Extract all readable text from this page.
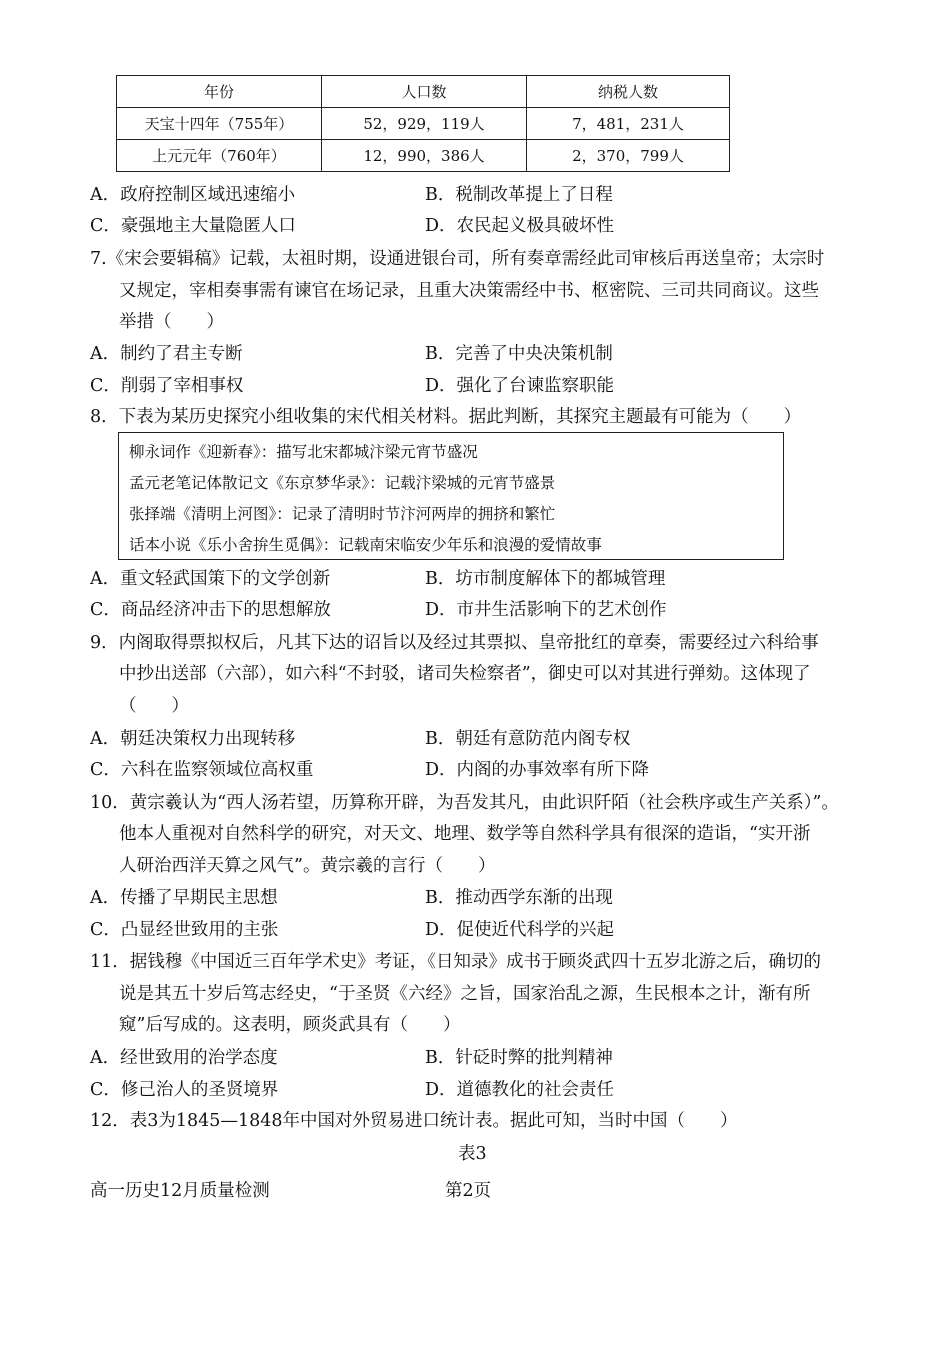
年份	人口数	纳税人数
天宝十四年（755年）	52，929，119人	7，481，231人
上元元年（760年）	12，990，386人	2，370，799人
A．政府控制区域迅速缩小	B．税制改革提上了日程
C．豪强地主大量隐匿人口	D．农民起义极具破坏性
7.《宋会要辑稿》记载，太祖时期，设通进银台司，所有奏章需经此司审核后再送皇帝；太宗时
又规定，宰相奏事需有谏官在场记录，且重大决策需经中书、枢密院、三司共同商议。这些
举措（　　）
A．制约了君主专断	B．完善了中央决策机制
C．削弱了宰相事权	D．强化了台谏监察职能
8．下表为某历史探究小组收集的宋代相关材料。据此判断，其探究主题最有可能为（　　）
柳永词作《迎新春》：描写北宋都城汴梁元宵节盛况
孟元老笔记体散记文《东京梦华录》：记载汴梁城的元宵节盛景
张择端《清明上河图》：记录了清明时节汴河两岸的拥挤和繁忙
话本小说《乐小舍拚生觅偶》：记载南宋临安少年乐和浪漫的爱情故事
A．重文轻武国策下的文学创新	B．坊市制度解体下的都城管理
C．商品经济冲击下的思想解放	D．市井生活影响下的艺术创作
9．内阁取得票拟权后，凡其下达的诏旨以及经过其票拟、皇帝批红的章奏，需要经过六科给事
中抄出送部（六部），如六科“不封驳，诸司失检察者”，御史可以对其进行弹劾。这体现了
（　　）
A．朝廷决策权力出现转移	B．朝廷有意防范内阁专权
C．六科在监察领域位高权重	D．内阁的办事效率有所下降
10．黄宗羲认为“西人汤若望，历算称开辟，为吾发其凡，由此识阡陌（社会秩序或生产关系）”。
他本人重视对自然科学的研究，对天文、地理、数学等自然科学具有很深的造诣，“实开浙
人研治西洋天算之风气”。黄宗羲的言行（　　）
A．传播了早期民主思想	B．推动西学东渐的出现
C．凸显经世致用的主张	D．促使近代科学的兴起
11．据钱穆《中国近三百年学术史》考证，《日知录》成书于顾炎武四十五岁北游之后，确切的
说是其五十岁后笃志经史，“于圣贤《六经》之旨，国家治乱之源，生民根本之计，渐有所
窥”后写成的。这表明，顾炎武具有（　　）
A．经世致用的治学态度	B．针砭时弊的批判精神
C．修己治人的圣贤境界	D．道德教化的社会责任
12．表3为1845—1848年中国对外贸易进口统计表。据此可知，当时中国（　　）
表3
高一历史12月质量检测	第2页
